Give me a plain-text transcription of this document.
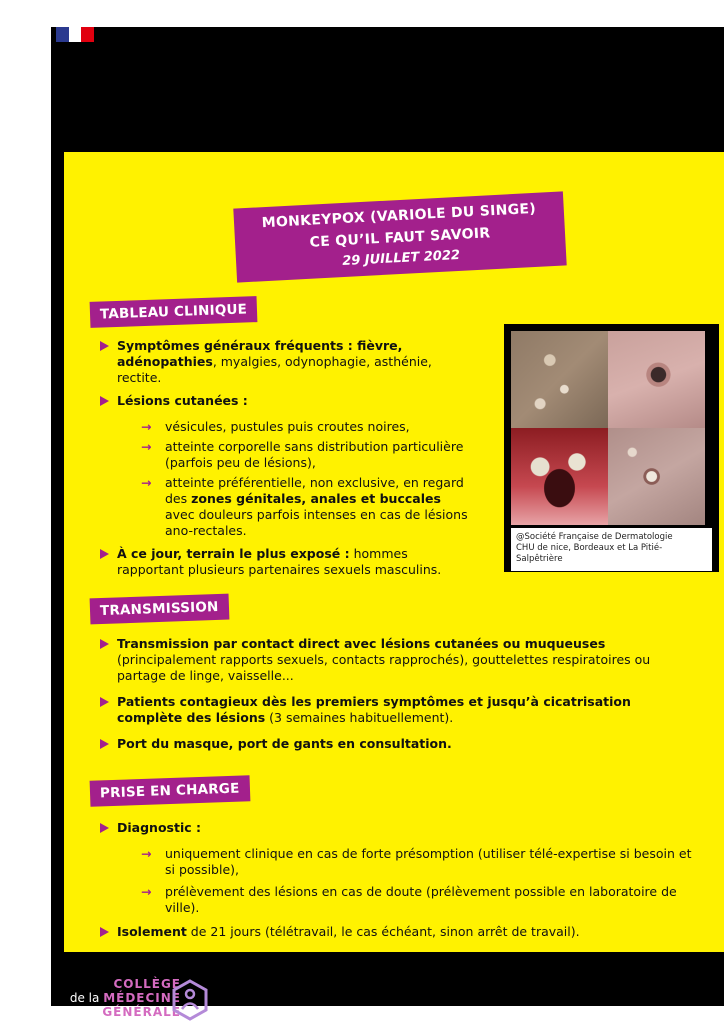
MONKEYPOX (VARIOLE DU SINGE)
CE QU’IL FAUT SAVOIR
29 JUILLET 2022
TABLEAU CLINIQUE
Symptômes généraux fréquents : fièvre, adénopathies, myalgies, odynophagie, asthénie, rectite.
Lésions cutanées :
→ vésicules, pustules puis croutes noires,
→ atteinte corporelle sans distribution particulière (parfois peu de lésions),
→ atteinte préférentielle, non exclusive, en regard des zones génitales, anales et buccales avec douleurs parfois intenses en cas de lésions ano-rectales.
À ce jour, terrain le plus exposé : hommes rapportant plusieurs partenaires sexuels masculins.
@Société Française de Dermatologie
CHU de nice, Bordeaux et La Pitié-Salpêtrière
TRANSMISSION
Transmission par contact direct avec lésions cutanées ou muqueuses (principalement rapports sexuels, contacts rapprochés), gouttelettes respiratoires ou partage de linge, vaisselle...
Patients contagieux dès les premiers symptômes et jusqu’à cicatrisation complète des lésions (3 semaines habituellement).
Port du masque, port de gants en consultation.
PRISE EN CHARGE
Diagnostic :
→ uniquement clinique en cas de forte présomption (utiliser télé-expertise si besoin et si possible),
→ prélèvement des lésions en cas de doute (prélèvement possible en laboratoire de ville).
Isolement de 21 jours (télétravail, le cas échéant, sinon arrêt de travail).
COLLÈGE
de la MÉDECINE
GÉNÉRALE
